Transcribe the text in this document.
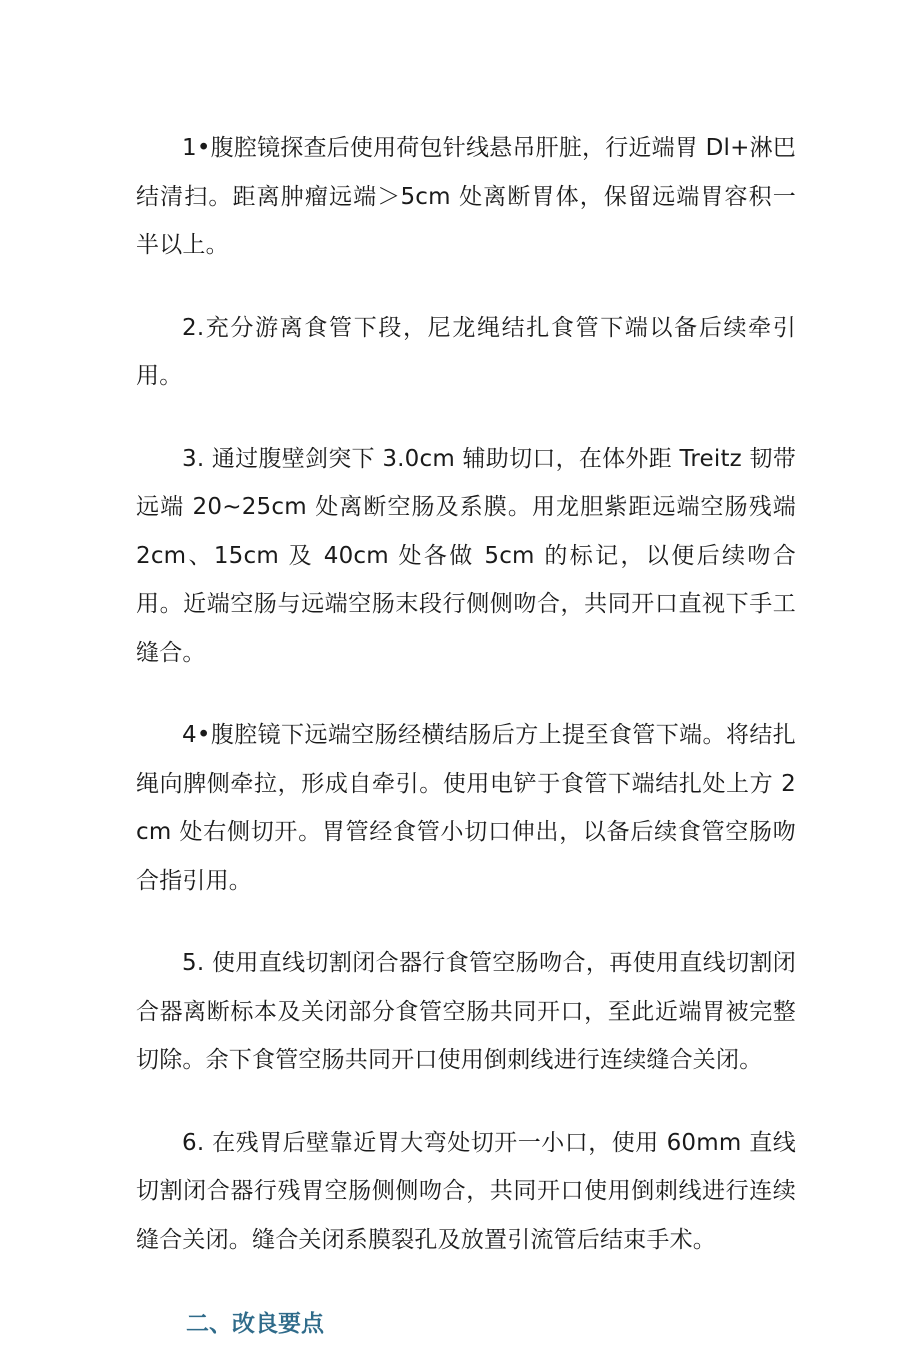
1•腹腔镜探查后使用荷包针线悬吊肝脏，行近端胃 Dl+淋巴结清扫。距离肿瘤远端＞5cm 处离断胃体，保留远端胃容积一半以上。

2.充分游离食管下段，尼龙绳结扎食管下端以备后续牵引用。

3. 通过腹壁剑突下 3.0cm 辅助切口，在体外距 Treitz 韧带远端 20~25cm 处离断空肠及系膜。用龙胆紫距远端空肠残端 2cm、15cm 及 40cm 处各做 5cm 的标记，以便后续吻合用。近端空肠与远端空肠末段行侧侧吻合，共同开口直视下手工缝合。

4•腹腔镜下远端空肠经横结肠后方上提至食管下端。将结扎绳向脾侧牵拉，形成自牵引。使用电铲于食管下端结扎处上方 2cm 处右侧切开。胃管经食管小切口伸出，以备后续食管空肠吻合指引用。

5. 使用直线切割闭合器行食管空肠吻合，再使用直线切割闭合器离断标本及关闭部分食管空肠共同开口，至此近端胃被完整切除。余下食管空肠共同开口使用倒刺线进行连续缝合关闭。

6. 在残胃后壁靠近胃大弯处切开一小口，使用 60mm 直线切割闭合器行残胃空肠侧侧吻合，共同开口使用倒刺线进行连续缝合关闭。缝合关闭系膜裂孔及放置引流管后结束手术。

二、改良要点
